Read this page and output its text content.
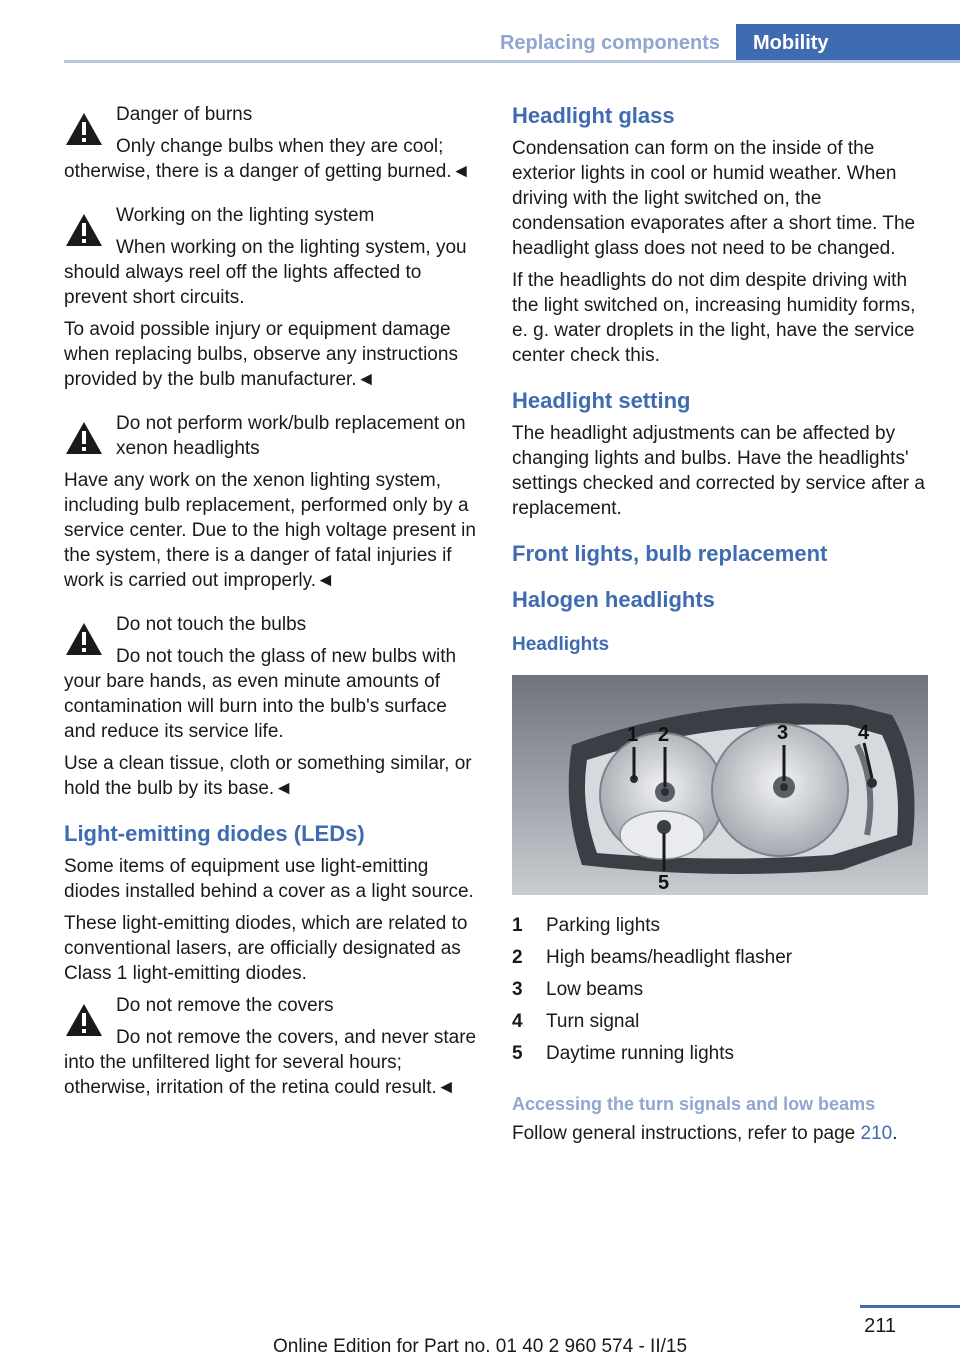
Replacing components	Mobility
Danger of burns

Only change bulbs when they are cool; otherwise, there is a danger of getting burned.◄

Working on the lighting system

When working on the lighting system, you should always reel off the lights affected to prevent short circuits.

To avoid possible injury or equipment damage when replacing bulbs, observe any instructions provided by the bulb manufacturer.◄

Do not perform work/bulb replacement on xenon headlights

Have any work on the xenon lighting system, including bulb replacement, performed only by a service center. Due to the high voltage present in the system, there is a danger of fatal injuries if work is carried out improperly.◄

Do not touch the bulbs

Do not touch the glass of new bulbs with your bare hands, as even minute amounts of contamination will burn into the bulb's surface and reduce its service life.

Use a clean tissue, cloth or something similar, or hold the bulb by its base.◄

Light-emitting diodes (LEDs)

Some items of equipment use light-emitting diodes installed behind a cover as a light source.

These light-emitting diodes, which are related to conventional lasers, are officially designated as Class 1 light-emitting diodes.

Do not remove the covers

Do not remove the covers, and never stare into the unfiltered light for several hours; otherwise, irritation of the retina could result.◄

Headlight glass

Condensation can form on the inside of the exterior lights in cool or humid weather. When driving with the light switched on, the condensation evaporates after a short time. The headlight glass does not need to be changed.

If the headlights do not dim despite driving with the light switched on, increasing humidity forms, e. g. water droplets in the light, have the service center check this.

Headlight setting

The headlight adjustments can be affected by changing lights and bulbs. Have the headlights' settings checked and corrected by service after a replacement.

Front lights, bulb replacement
Halogen headlights
Headlights
1 2	3	4
5
1	Parking lights
2	High beams/headlight flasher
3	Low beams
4	Turn signal
5	Daytime running lights
Accessing the turn signals and low beams

Follow general instructions, refer to page 210.

211
Online Edition for Part no. 01 40 2 960 574 - II/15
